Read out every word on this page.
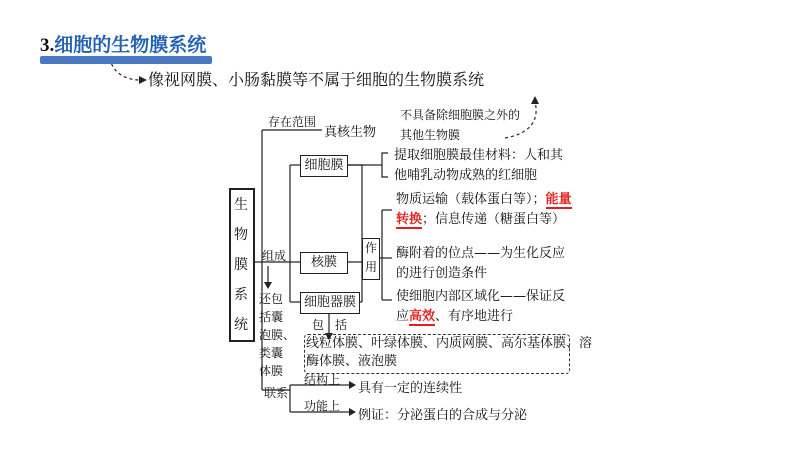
3.细胞的生物膜系统
像视网膜、小肠黏膜等不属于细胞的生物膜系统
不具备除细胞膜之外的
其他生物膜
生
物
膜
系
统
存在范围
真核生物
组成
还包
括囊
泡膜、
类囊
体膜
细胞膜
核膜
细胞器膜
提取细胞膜最佳材料：人和其
他哺乳动物成熟的红细胞
作
用
物质运输（载体蛋白等）；能量
转换；信息传递（糖蛋白等）
酶附着的位点——为生化反应
的进行创造条件
使细胞内部区域化——保证反
应高效、有序地进行
包 括
线粒体膜、叶绿体膜、内质网膜、高尔基体膜、溶
酶体膜、液泡膜
联系
结构上
具有一定的连续性
功能上
例证：分泌蛋白的合成与分泌
